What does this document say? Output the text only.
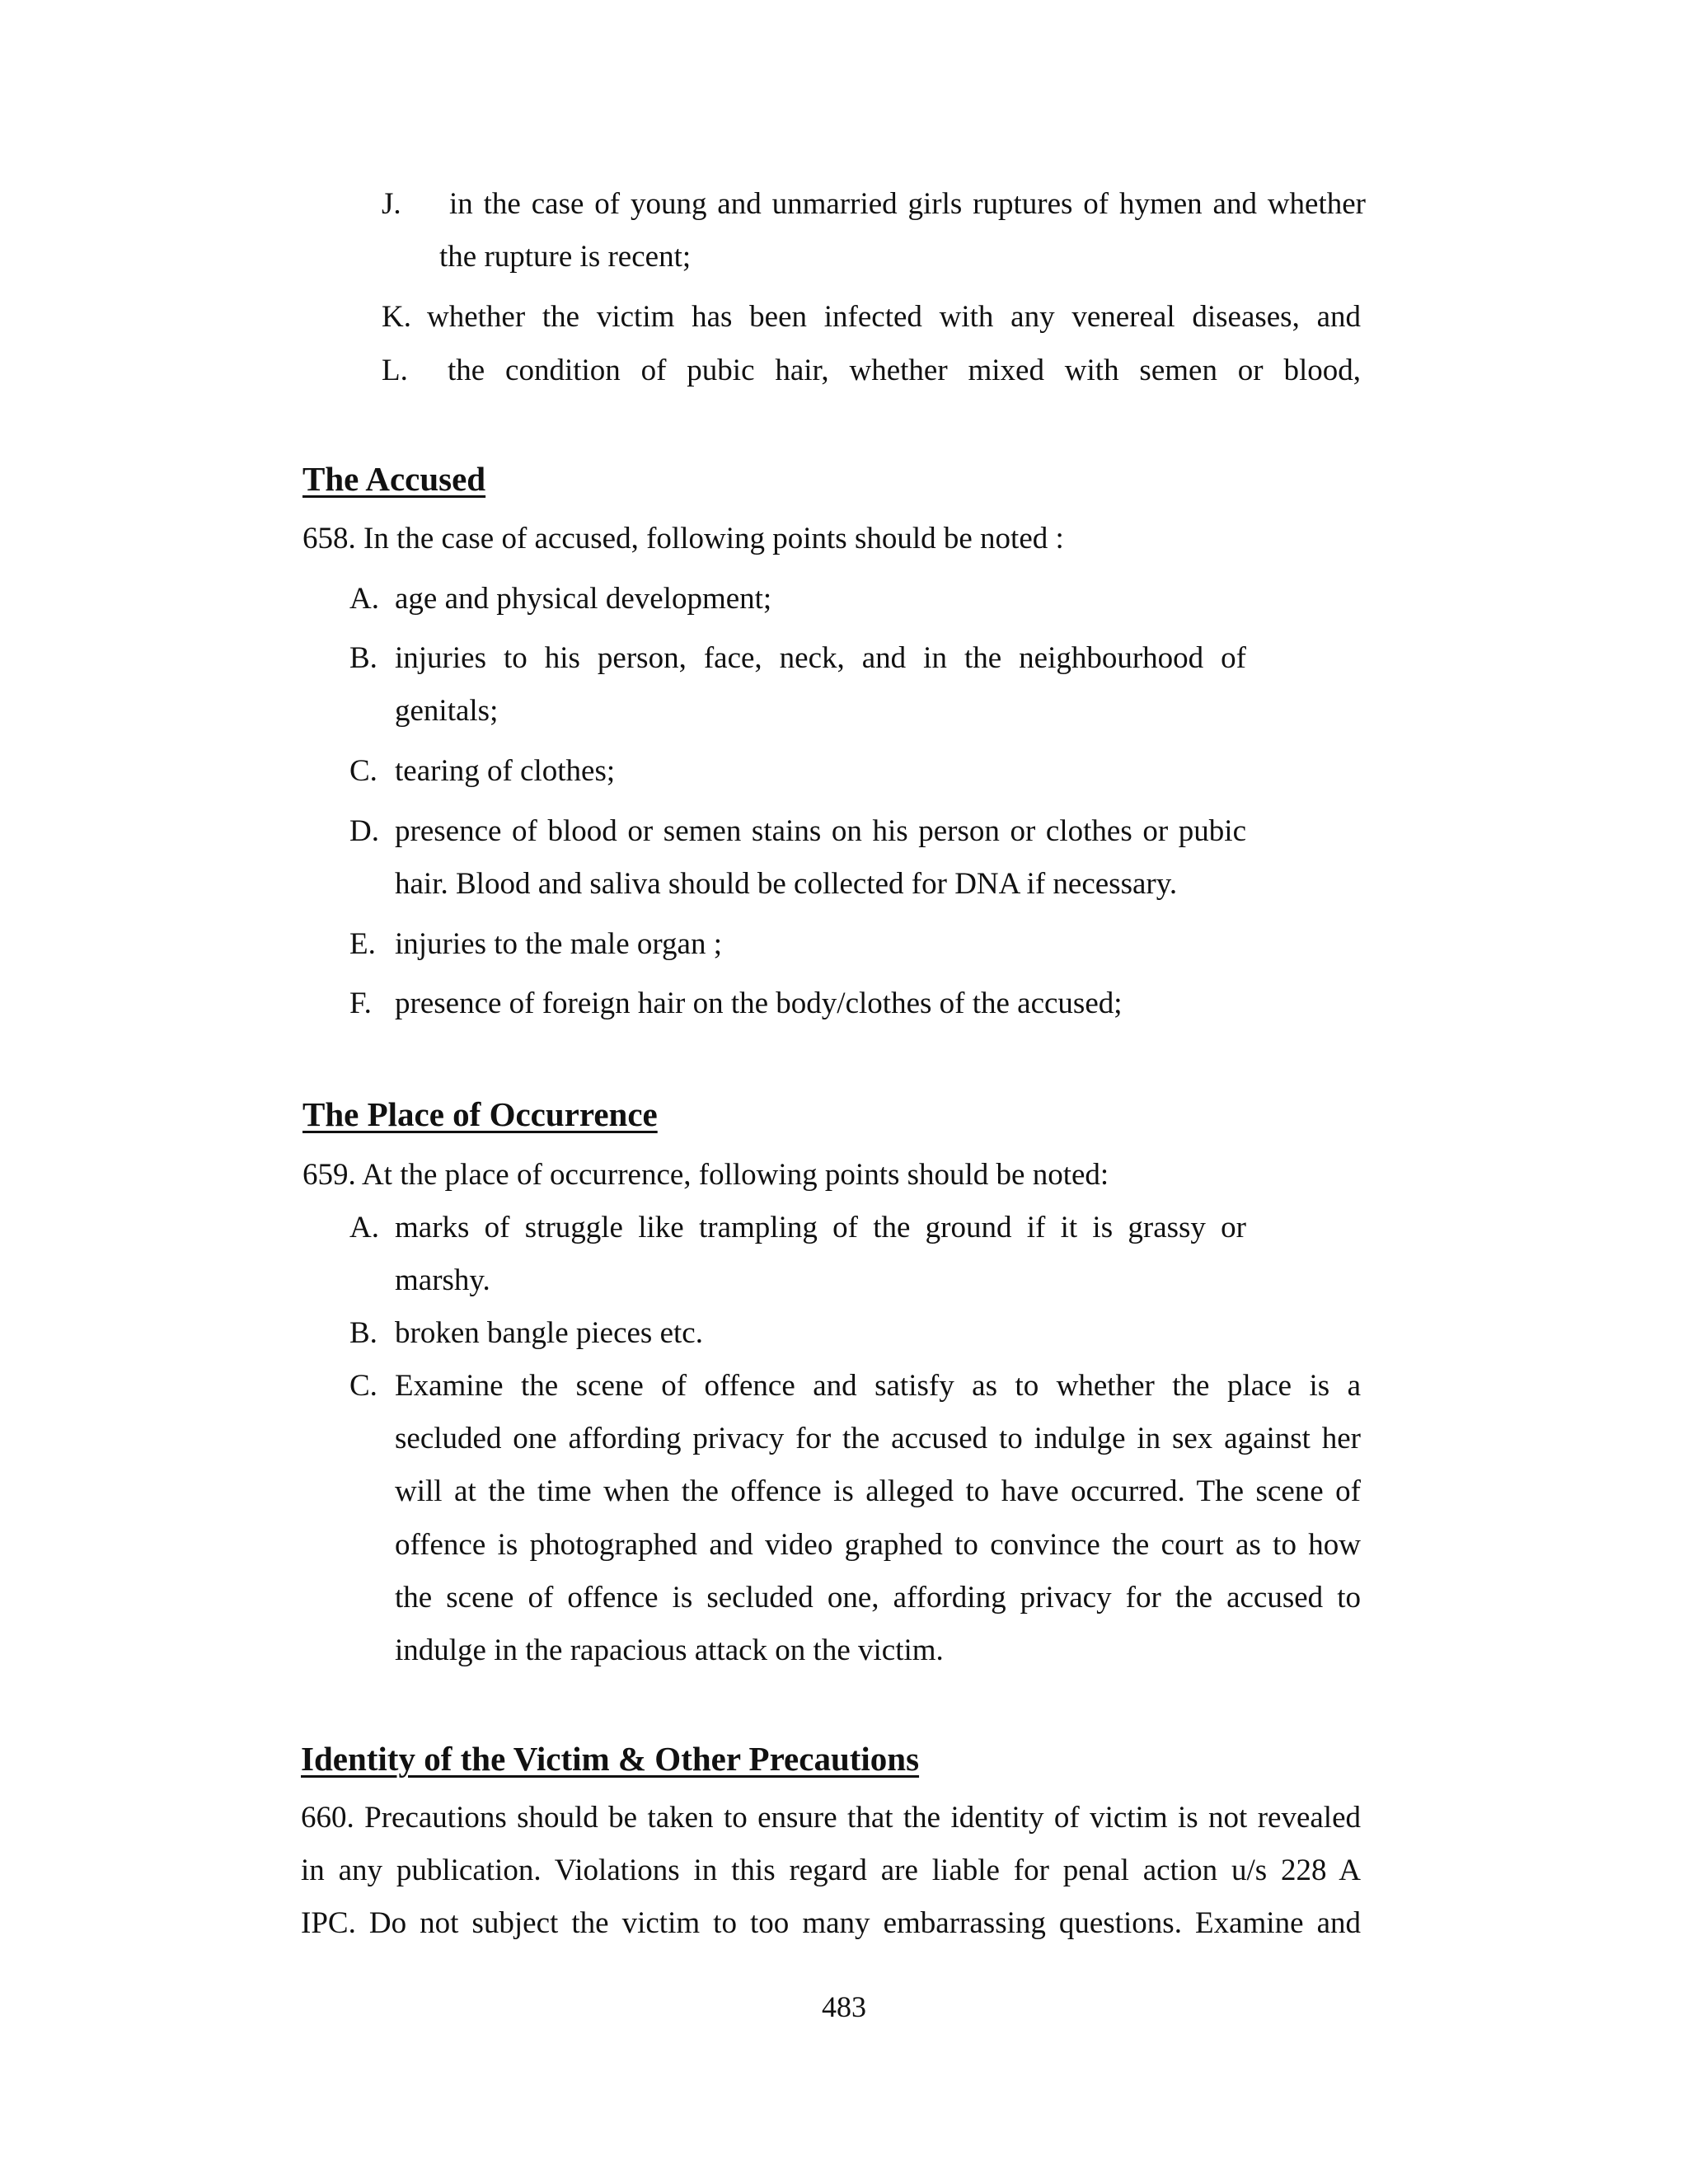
J. in the case of young and unmarried girls ruptures of hymen and whether
the rupture is recent;
K. whether the victim has been infected with any venereal diseases, and
L. the condition of pubic hair, whether mixed with semen or blood,
The Accused
658. In the case of accused, following points should be noted :
A. age and physical development;
B. injuries to his person, face, neck, and in the neighbourhood of
genitals;
C. tearing of clothes;
D. presence of blood or semen stains on his person or clothes or pubic
hair. Blood and saliva should be collected for DNA if necessary.
E. injuries to the male organ ;
F. presence of foreign hair on the body/clothes of the accused;
The Place of Occurrence
659. At the place of occurrence, following points should be noted:
A. marks of struggle like trampling of the ground if it is grassy or
marshy.
B. broken bangle pieces etc.
C. Examine the scene of offence and satisfy as to whether the place is a
secluded one affording privacy for the accused to indulge in sex against her
will at the time when the offence is alleged to have occurred. The scene of
offence is photographed and video graphed to convince the court as to how
the scene of offence is secluded one, affording privacy for the accused to
indulge in the rapacious attack on the victim.
Identity of the Victim & Other Precautions
660. Precautions should be taken to ensure that the identity of victim is not revealed
in any publication. Violations in this regard are liable for penal action u/s 228 A
IPC. Do not subject the victim to too many embarrassing questions. Examine and
483
